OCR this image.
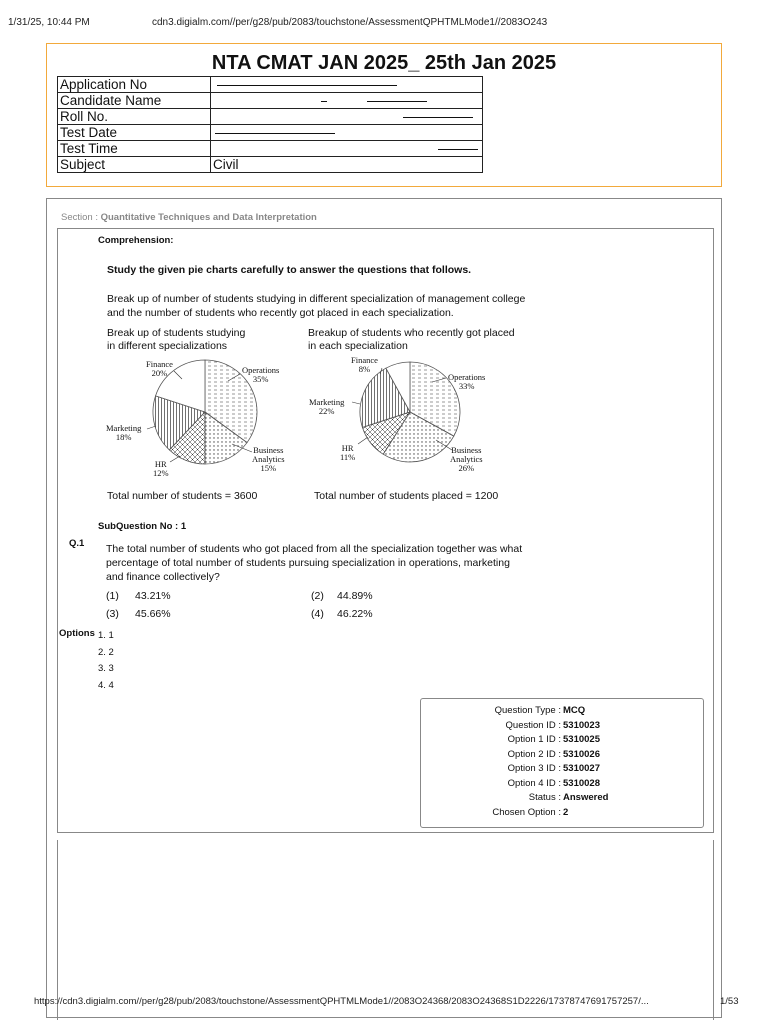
1/31/25, 10:44 PM	cdn3.digialm.com//per/g28/pub/2083/touchstone/AssessmentQPHTMLMode1//2083O243
NTA CMAT JAN 2025_ 25th Jan 2025
Application No	
Candidate Name	
Roll No.	
Test Date	
Test Time	
Subject	Civil
Section : Quantitative Techniques and Data Interpretation
Comprehension:
Study the given pie charts carefully to answer the questions that follows.
Break up of number of students studying in different specialization of management college and the number of students who recently got placed in each specialization.
Break up of students studying
in different specializations
Breakup of students who recently got placed
in each specialization
Finance
20%	Operations
35%
Marketing
18%
HR
12%
Business
Analytics
15%
Finance
8%
Operations
33%
Marketing
22%
HR
11%
Business
Analytics
26%
Total number of students = 3600	Total number of students placed = 1200
SubQuestion No : 1
Q.1 The total number of students who got placed from all the specialization together was what percentage of total number of students pursuing specialization in operations, marketing and finance collectively?
(1) 43.21%	(2) 44.89%
(3) 45.66%	(4) 46.22%
Options 1. 1
2. 2
3. 3
4. 4
Question Type : MCQ
Question ID : 5310023
Option 1 ID : 5310025
Option 2 ID : 5310026
Option 3 ID : 5310027
Option 4 ID : 5310028
Status : Answered
Chosen Option : 2
https://cdn3.digialm.com//per/g28/pub/2083/touchstone/AssessmentQPHTMLMode1//2083O24368/2083O24368S1D2226/17378747691757257/...	1/53
